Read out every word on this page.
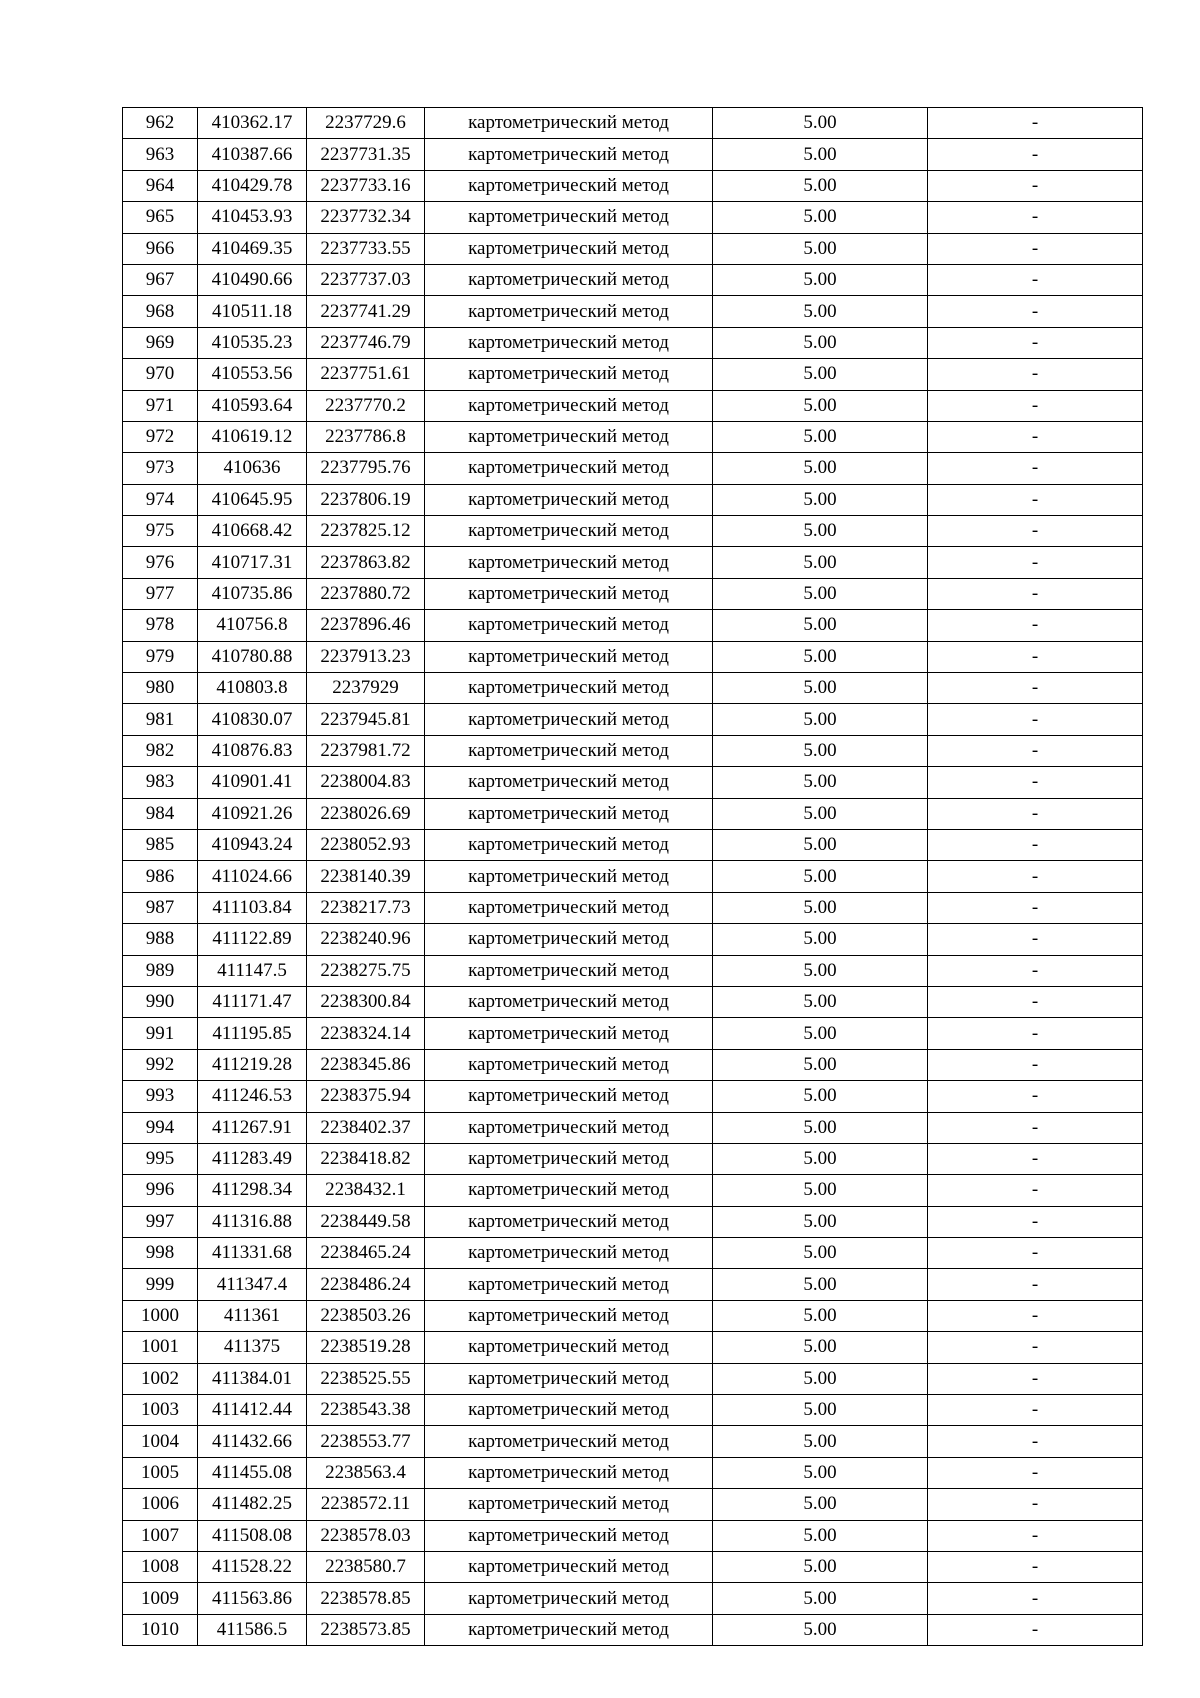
962	410362.17	2237729.6	картометрический метод	5.00	-
963	410387.66	2237731.35	картометрический метод	5.00	-
964	410429.78	2237733.16	картометрический метод	5.00	-
965	410453.93	2237732.34	картометрический метод	5.00	-
966	410469.35	2237733.55	картометрический метод	5.00	-
967	410490.66	2237737.03	картометрический метод	5.00	-
968	410511.18	2237741.29	картометрический метод	5.00	-
969	410535.23	2237746.79	картометрический метод	5.00	-
970	410553.56	2237751.61	картометрический метод	5.00	-
971	410593.64	2237770.2	картометрический метод	5.00	-
972	410619.12	2237786.8	картометрический метод	5.00	-
973	410636	2237795.76	картометрический метод	5.00	-
974	410645.95	2237806.19	картометрический метод	5.00	-
975	410668.42	2237825.12	картометрический метод	5.00	-
976	410717.31	2237863.82	картометрический метод	5.00	-
977	410735.86	2237880.72	картометрический метод	5.00	-
978	410756.8	2237896.46	картометрический метод	5.00	-
979	410780.88	2237913.23	картометрический метод	5.00	-
980	410803.8	2237929	картометрический метод	5.00	-
981	410830.07	2237945.81	картометрический метод	5.00	-
982	410876.83	2237981.72	картометрический метод	5.00	-
983	410901.41	2238004.83	картометрический метод	5.00	-
984	410921.26	2238026.69	картометрический метод	5.00	-
985	410943.24	2238052.93	картометрический метод	5.00	-
986	411024.66	2238140.39	картометрический метод	5.00	-
987	411103.84	2238217.73	картометрический метод	5.00	-
988	411122.89	2238240.96	картометрический метод	5.00	-
989	411147.5	2238275.75	картометрический метод	5.00	-
990	411171.47	2238300.84	картометрический метод	5.00	-
991	411195.85	2238324.14	картометрический метод	5.00	-
992	411219.28	2238345.86	картометрический метод	5.00	-
993	411246.53	2238375.94	картометрический метод	5.00	-
994	411267.91	2238402.37	картометрический метод	5.00	-
995	411283.49	2238418.82	картометрический метод	5.00	-
996	411298.34	2238432.1	картометрический метод	5.00	-
997	411316.88	2238449.58	картометрический метод	5.00	-
998	411331.68	2238465.24	картометрический метод	5.00	-
999	411347.4	2238486.24	картометрический метод	5.00	-
1000	411361	2238503.26	картометрический метод	5.00	-
1001	411375	2238519.28	картометрический метод	5.00	-
1002	411384.01	2238525.55	картометрический метод	5.00	-
1003	411412.44	2238543.38	картометрический метод	5.00	-
1004	411432.66	2238553.77	картометрический метод	5.00	-
1005	411455.08	2238563.4	картометрический метод	5.00	-
1006	411482.25	2238572.11	картометрический метод	5.00	-
1007	411508.08	2238578.03	картометрический метод	5.00	-
1008	411528.22	2238580.7	картометрический метод	5.00	-
1009	411563.86	2238578.85	картометрический метод	5.00	-
1010	411586.5	2238573.85	картометрический метод	5.00	-
